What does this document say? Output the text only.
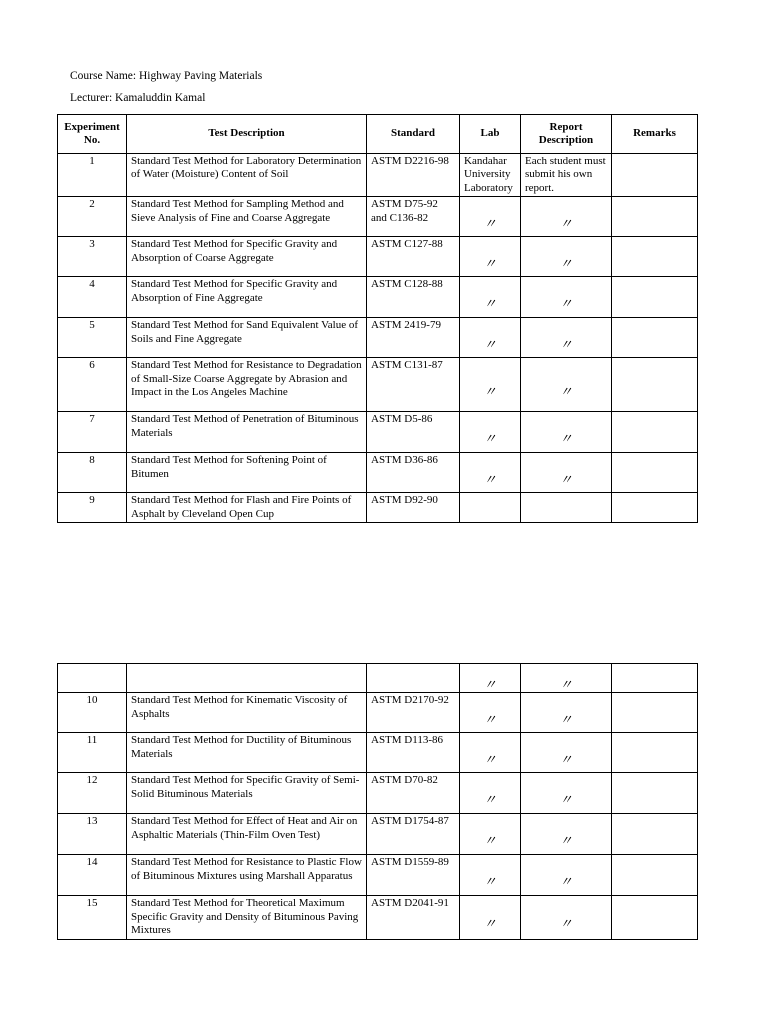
Course Name: Highway Paving Materials
Lecturer: Kamaluddin Kamal
Experiment No.	Test Description	Standard	Lab	Report Description	Remarks
1	Standard Test Method for Laboratory Determination of Water (Moisture) Content of Soil	ASTM D2216-98	Kandahar University Laboratory	Each student must submit his own report.	
2	Standard Test Method for Sampling Method and Sieve Analysis of Fine and Coarse Aggregate	ASTM D75-92 and C136-82	〃	〃	
3	Standard Test Method for Specific Gravity and Absorption of Coarse Aggregate	ASTM C127-88	〃	〃	
4	Standard Test Method for Specific Gravity and Absorption of Fine Aggregate	ASTM C128-88	〃	〃	
5	Standard Test Method for Sand Equivalent Value of Soils and Fine Aggregate	ASTM 2419-79	〃	〃	
6	Standard Test Method for Resistance to Degradation of Small-Size Coarse Aggregate by Abrasion and Impact in the Los Angeles Machine	ASTM C131-87	〃	〃	
7	Standard Test Method of Penetration of Bituminous Materials	ASTM D5-86	〃	〃	
8	Standard Test Method for Softening Point of Bitumen	ASTM D36-86	〃	〃	
9	Standard Test Method for Flash and Fire Points of Asphalt by Cleveland Open Cup	ASTM D92-90			
			〃	〃	
10	Standard Test Method for Kinematic Viscosity of Asphalts	ASTM D2170-92	〃	〃	
11	Standard Test Method for Ductility of Bituminous Materials	ASTM D113-86	〃	〃	
12	Standard Test Method for Specific Gravity of Semi-Solid Bituminous Materials	ASTM D70-82	〃	〃	
13	Standard Test Method for Effect of Heat and Air on Asphaltic Materials (Thin-Film Oven Test)	ASTM D1754-87	〃	〃	
14	Standard Test Method for Resistance to Plastic Flow of Bituminous Mixtures using Marshall Apparatus	ASTM D1559-89	〃	〃	
15	Standard Test Method for Theoretical Maximum Specific Gravity and Density of Bituminous Paving Mixtures	ASTM D2041-91	〃	〃	
